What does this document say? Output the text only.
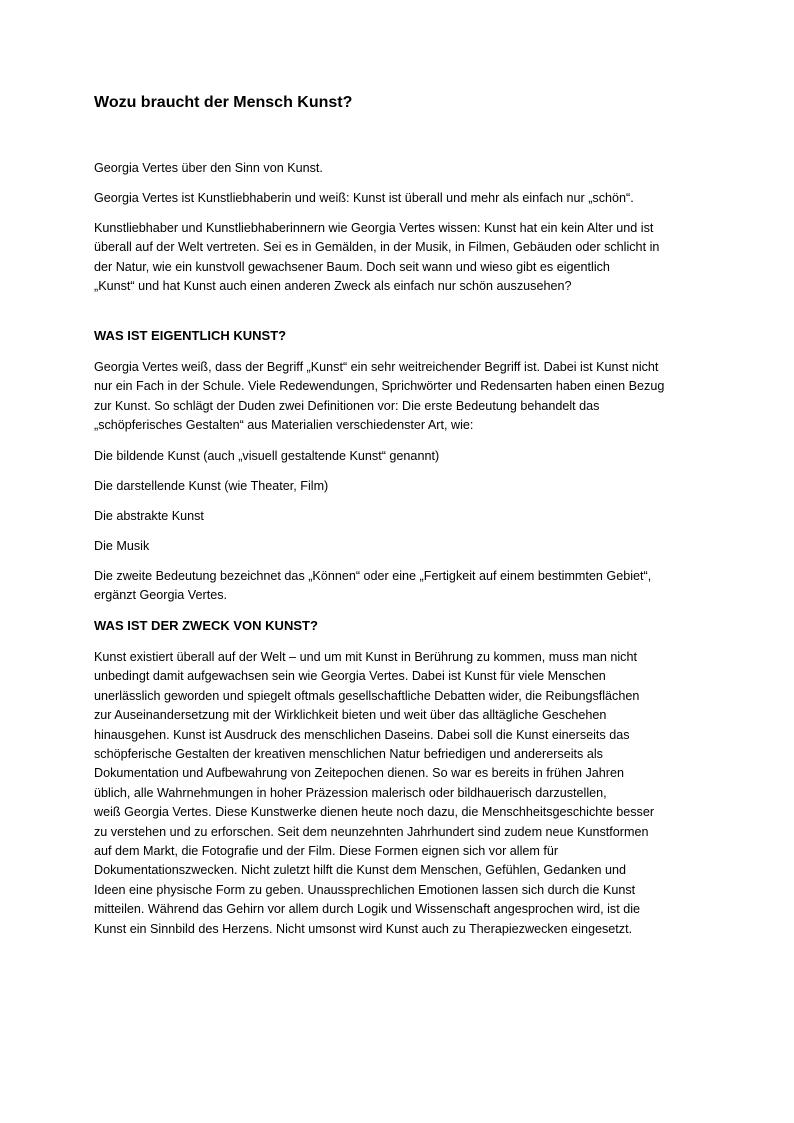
Wozu braucht der Mensch Kunst?

Georgia Vertes über den Sinn von Kunst.

Georgia Vertes ist Kunstliebhaberin und weiß: Kunst ist überall und mehr als einfach nur „schön“.

Kunstliebhaber und Kunstliebhaberinnern wie Georgia Vertes wissen: Kunst hat ein kein Alter und ist
überall auf der Welt vertreten. Sei es in Gemälden, in der Musik, in Filmen, Gebäuden oder schlicht in
der Natur, wie ein kunstvoll gewachsener Baum. Doch seit wann und wieso gibt es eigentlich
„Kunst“ und hat Kunst auch einen anderen Zweck als einfach nur schön auszusehen?
WAS IST EIGENTLICH KUNST?
Georgia Vertes weiß, dass der Begriff „Kunst“ ein sehr weitreichender Begriff ist. Dabei ist Kunst nicht
nur ein Fach in der Schule. Viele Redewendungen, Sprichwörter und Redensarten haben einen Bezug
zur Kunst. So schlägt der Duden zwei Definitionen vor: Die erste Bedeutung behandelt das
„schöpferisches Gestalten“ aus Materialien verschiedenster Art, wie:

Die bildende Kunst (auch „visuell gestaltende Kunst“ genannt)

Die darstellende Kunst (wie Theater, Film)

Die abstrakte Kunst

Die Musik

Die zweite Bedeutung bezeichnet das „Können“ oder eine „Fertigkeit auf einem bestimmten Gebiet“,
ergänzt Georgia Vertes.
WAS IST DER ZWECK VON KUNST?
Kunst existiert überall auf der Welt – und um mit Kunst in Berührung zu kommen, muss man nicht
unbedingt damit aufgewachsen sein wie Georgia Vertes. Dabei ist Kunst für viele Menschen
unerlässlich geworden und spiegelt oftmals gesellschaftliche Debatten wider, die Reibungsflächen
zur Auseinandersetzung mit der Wirklichkeit bieten und weit über das alltägliche Geschehen
hinausgehen. Kunst ist Ausdruck des menschlichen Daseins. Dabei soll die Kunst einerseits das
schöpferische Gestalten der kreativen menschlichen Natur befriedigen und andererseits als
Dokumentation und Aufbewahrung von Zeitepochen dienen. So war es bereits in frühen Jahren
üblich, alle Wahrnehmungen in hoher Präzession malerisch oder bildhauerisch darzustellen,
weiß Georgia Vertes. Diese Kunstwerke dienen heute noch dazu, die Menschheitsgeschichte besser
zu verstehen und zu erforschen. Seit dem neunzehnten Jahrhundert sind zudem neue Kunstformen
auf dem Markt, die Fotografie und der Film. Diese Formen eignen sich vor allem für
Dokumentationszwecken. Nicht zuletzt hilft die Kunst dem Menschen, Gefühlen, Gedanken und
Ideen eine physische Form zu geben. Unaussprechlichen Emotionen lassen sich durch die Kunst
mitteilen. Während das Gehirn vor allem durch Logik und Wissenschaft angesprochen wird, ist die
Kunst ein Sinnbild des Herzens. Nicht umsonst wird Kunst auch zu Therapiezwecken eingesetzt.
